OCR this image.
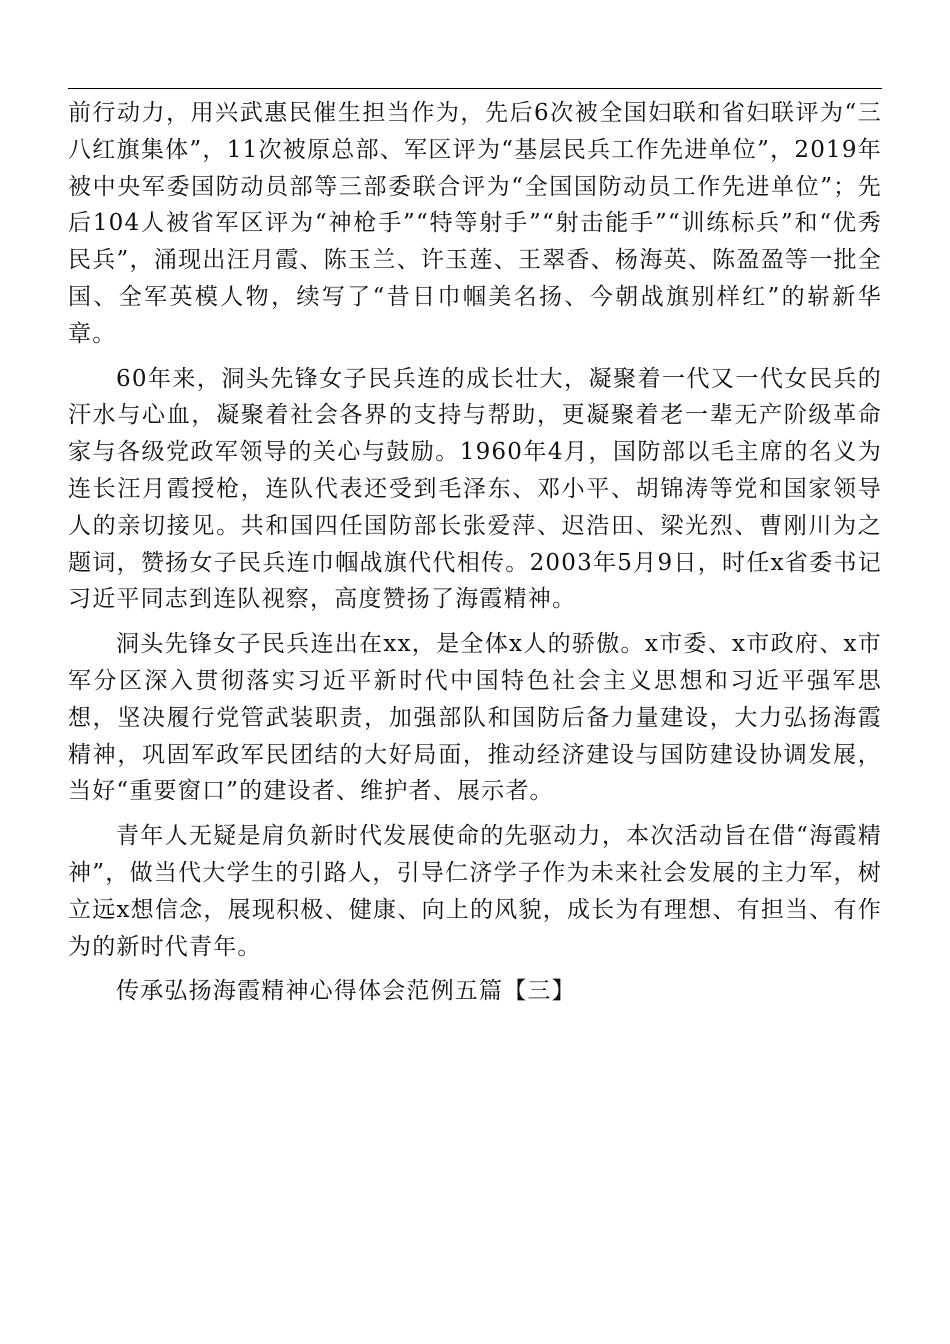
前行动力，用兴武惠民催生担当作为，先后6次被全国妇联和省妇联评为“三八红旗集体”，11次被原总部、军区评为“基层民兵工作先进单位”，2019年被中央军委国防动员部等三部委联合评为“全国国防动员工作先进单位”；先后104人被省军区评为“神枪手”“特等射手”“射击能手”“训练标兵”和“优秀民兵”，涌现出汪月霞、陈玉兰、许玉莲、王翠香、杨海英、陈盈盈等一批全国、全军英模人物，续写了“昔日巾帼美名扬、今朝战旗别样红”的崭新华章。

60年来，洞头先锋女子民兵连的成长壮大，凝聚着一代又一代女民兵的汗水与心血，凝聚着社会各界的支持与帮助，更凝聚着老一辈无产阶级革命家与各级党政军领导的关心与鼓励。1960年4月，国防部以毛主席的名义为连长汪月霞授枪，连队代表还受到毛泽东、邓小平、胡锦涛等党和国家领导人的亲切接见。共和国四任国防部长张爱萍、迟浩田、梁光烈、曹刚川为之题词，赞扬女子民兵连巾帼战旗代代相传。2003年5月9日，时任x省委书记习近平同志到连队视察，高度赞扬了海霞精神。

洞头先锋女子民兵连出在xx，是全体x人的骄傲。x市委、x市政府、x市军分区深入贯彻落实习近平新时代中国特色社会主义思想和习近平强军思想，坚决履行党管武装职责，加强部队和国防后备力量建设，大力弘扬海霞精神，巩固军政军民团结的大好局面，推动经济建设与国防建设协调发展，当好“重要窗口”的建设者、维护者、展示者。

青年人无疑是肩负新时代发展使命的先驱动力，本次活动旨在借“海霞精神”，做当代大学生的引路人，引导仁济学子作为未来社会发展的主力军，树立远x想信念，展现积极、健康、向上的风貌，成长为有理想、有担当、有作为的新时代青年。

传承弘扬海霞精神心得体会范例五篇【三】
